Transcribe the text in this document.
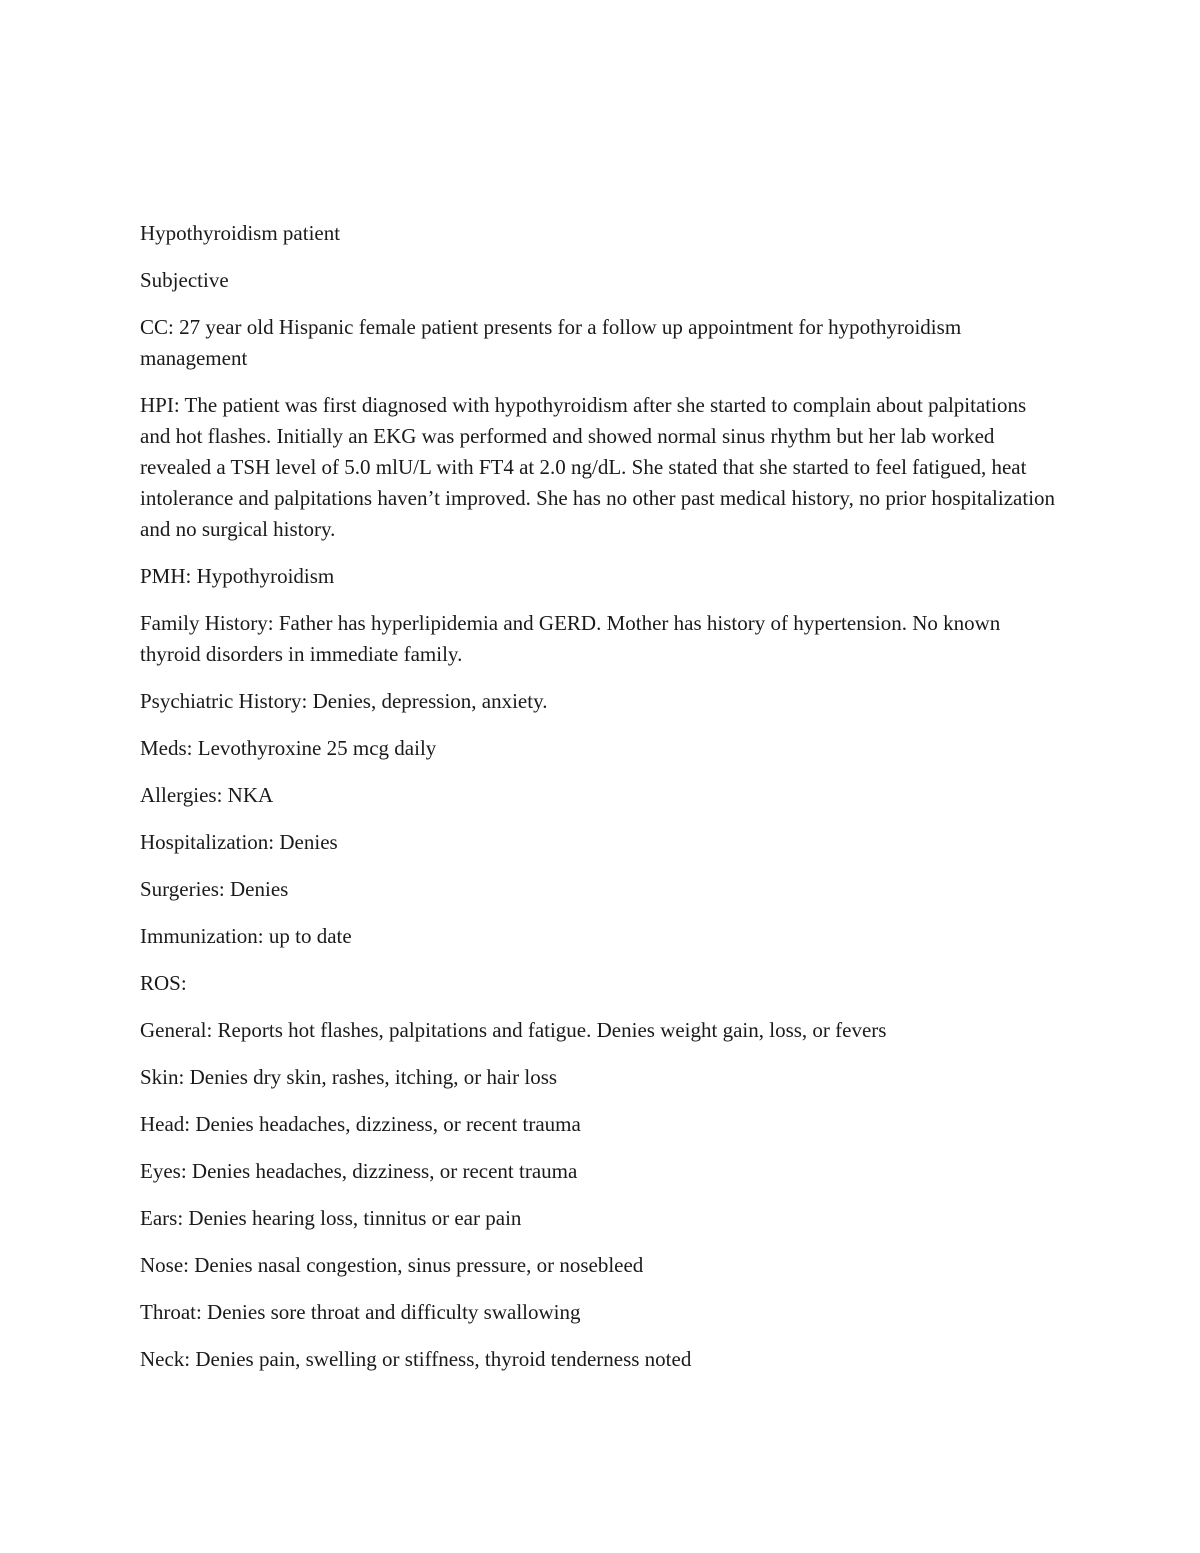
Hypothyroidism patient

Subjective

CC: 27 year old Hispanic female patient presents for a follow up appointment for hypothyroidism management

HPI: The patient was first diagnosed with hypothyroidism after she started to complain about palpitations and hot flashes. Initially an EKG was performed and showed normal sinus rhythm but her lab worked revealed a TSH level of 5.0 mlU/L with FT4 at 2.0 ng/dL. She stated that she started to feel fatigued, heat intolerance and palpitations haven’t improved. She has no other past medical history, no prior hospitalization and no surgical history.

PMH: Hypothyroidism

Family History: Father has hyperlipidemia and GERD. Mother has history of hypertension. No known thyroid disorders in immediate family.

Psychiatric History: Denies, depression, anxiety.

Meds: Levothyroxine 25 mcg daily

Allergies: NKA

Hospitalization: Denies

Surgeries: Denies

Immunization: up to date

ROS:

General: Reports hot flashes, palpitations and fatigue. Denies weight gain, loss, or fevers

Skin: Denies dry skin, rashes, itching, or hair loss

Head: Denies headaches, dizziness, or recent trauma

Eyes: Denies headaches, dizziness, or recent trauma

Ears: Denies hearing loss, tinnitus or ear pain

Nose: Denies nasal congestion, sinus pressure, or nosebleed

Throat: Denies sore throat and difficulty swallowing

Neck: Denies pain, swelling or stiffness, thyroid tenderness noted
